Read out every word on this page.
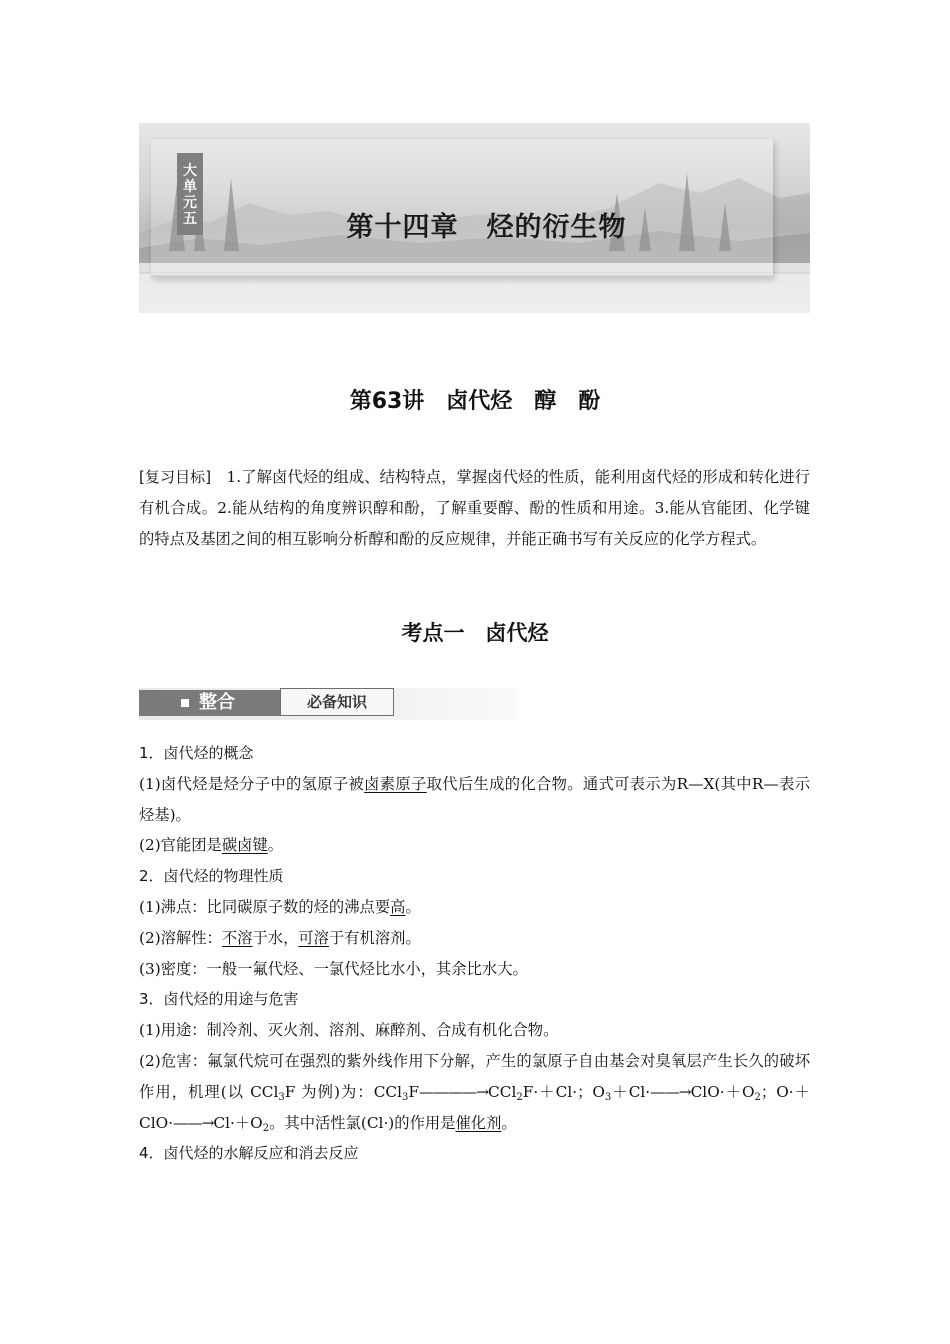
大单元五	第十四章　烃的衍生物
第63讲　卤代烃　醇　酚

[复习目标]　1.了解卤代烃的组成、结构特点，掌握卤代烃的性质，能利用卤代烃的形成和转化进行有机合成。2.能从结构的角度辨识醇和酚，了解重要醇、酚的性质和用途。3.能从官能团、化学键的特点及基团之间的相互影响分析醇和酚的反应规律，并能正确书写有关反应的化学方程式。

考点一　卤代烃
整合	必备知识

1．卤代烃的概念

(1)卤代烃是烃分子中的氢原子被卤素原子取代后生成的化合物。通式可表示为R—X(其中R—表示烃基)。

(2)官能团是碳卤键。

2．卤代烃的物理性质

(1)沸点：比同碳原子数的烃的沸点要高。

(2)溶解性：不溶于水，可溶于有机溶剂。

(3)密度：一般一氟代烃、一氯代烃比水小，其余比水大。

3．卤代烃的用途与危害

(1)用途：制冷剂、灭火剂、溶剂、麻醉剂、合成有机化合物。

(2)危害：氟氯代烷可在强烈的紫外线作用下分解，产生的氯原子自由基会对臭氧层产生长久的破坏作用，机理(以 CCl$_3$F 为例)为：CCl$_3$F————→CCl$_2$F·＋Cl·；$O_3+Cl\cdot——\to ClO\cdot+O_2$；$O\cdot+ClO\cdot——\to Cl\cdot+O_2$。其中活性氯(Cl·)的作用是催化剂。

4．卤代烃的水解反应和消去反应
